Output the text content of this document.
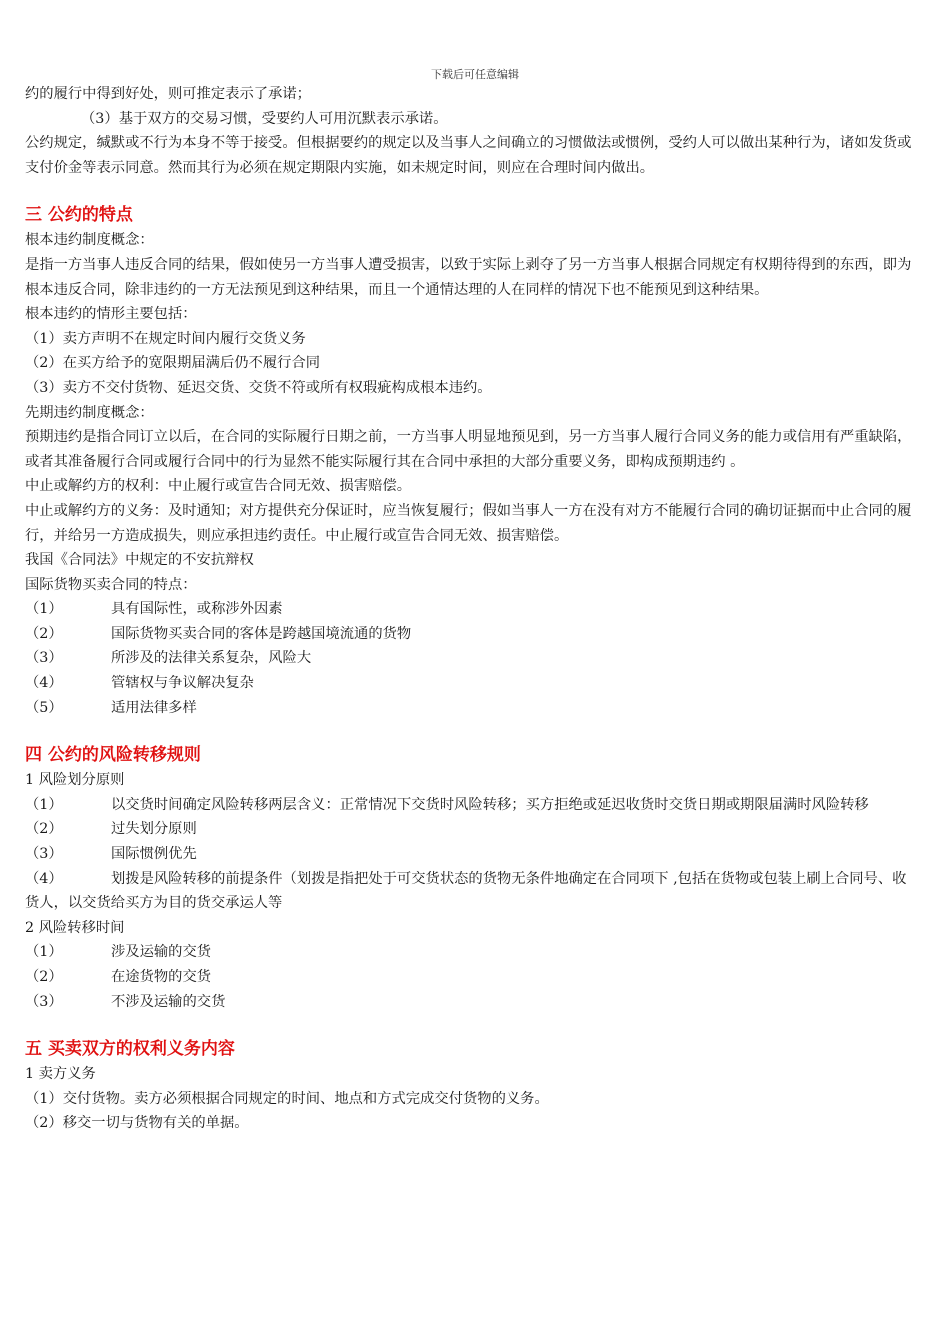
下载后可任意编辑

约的履行中得到好处，则可推定表示了承诺；

（3）基于双方的交易习惯，受要约人可用沉默表示承诺。

公约规定，缄默或不行为本身不等于接受。但根据要约的规定以及当事人之间确立的习惯做法或惯例，受约人可以做出某种行为，诸如发货或支付价金等表示同意。然而其行为必须在规定期限内实施，如未规定时间，则应在合理时间内做出。

三 公约的特点

根本违约制度概念：

是指一方当事人违反合同的结果，假如使另一方当事人遭受损害，以致于实际上剥夺了另一方当事人根据合同规定有权期待得到的东西，即为根本违反合同，除非违约的一方无法预见到这种结果，而且一个通情达理的人在同样的情况下也不能预见到这种结果。

根本违约的情形主要包括：

（1）卖方声明不在规定时间内履行交货义务

（2）在买方给予的宽限期届满后仍不履行合同

（3）卖方不交付货物、延迟交货、交货不符或所有权瑕疵构成根本违约。

先期违约制度概念：

预期违约是指合同订立以后，在合同的实际履行日期之前，一方当事人明显地预见到，另一方当事人履行合同义务的能力或信用有严重缺陷，或者其准备履行合同或履行合同中的行为显然不能实际履行其在合同中承担的大部分重要义务，即构成预期违约 。

中止或解约方的权利：中止履行或宣告合同无效、损害赔偿。

中止或解约方的义务：及时通知；对方提供充分保证时，应当恢复履行；假如当事人一方在没有对方不能履行合同的确切证据而中止合同的履行，并给另一方造成损失，则应承担违约责任。中止履行或宣告合同无效、损害赔偿。

我国《合同法》中规定的不安抗辩权

国际货物买卖合同的特点：

（1）	具有国际性，或称涉外因素

（2）	国际货物买卖合同的客体是跨越国境流通的货物

（3）	所涉及的法律关系复杂，风险大

（4）	管辖权与争议解决复杂

（5）	适用法律多样

四 公约的风险转移规则

1 风险划分原则

（1）	以交货时间确定风险转移两层含义：正常情况下交货时风险转移；买方拒绝或延迟收货时交货日期或期限届满时风险转移

（2）	过失划分原则

（3）	国际惯例优先

（4）	划拨是风险转移的前提条件（划拨是指把处于可交货状态的货物无条件地确定在合同项下 ,包括在货物或包装上刷上合同号、收货人，以交货给买方为目的货交承运人等

2 风险转移时间

（1）	涉及运输的交货

（2）	在途货物的交货

（3）	不涉及运输的交货

五 买卖双方的权利义务内容

1 卖方义务

（1）交付货物。卖方必须根据合同规定的时间、地点和方式完成交付货物的义务。

（2）移交一切与货物有关的单据。
